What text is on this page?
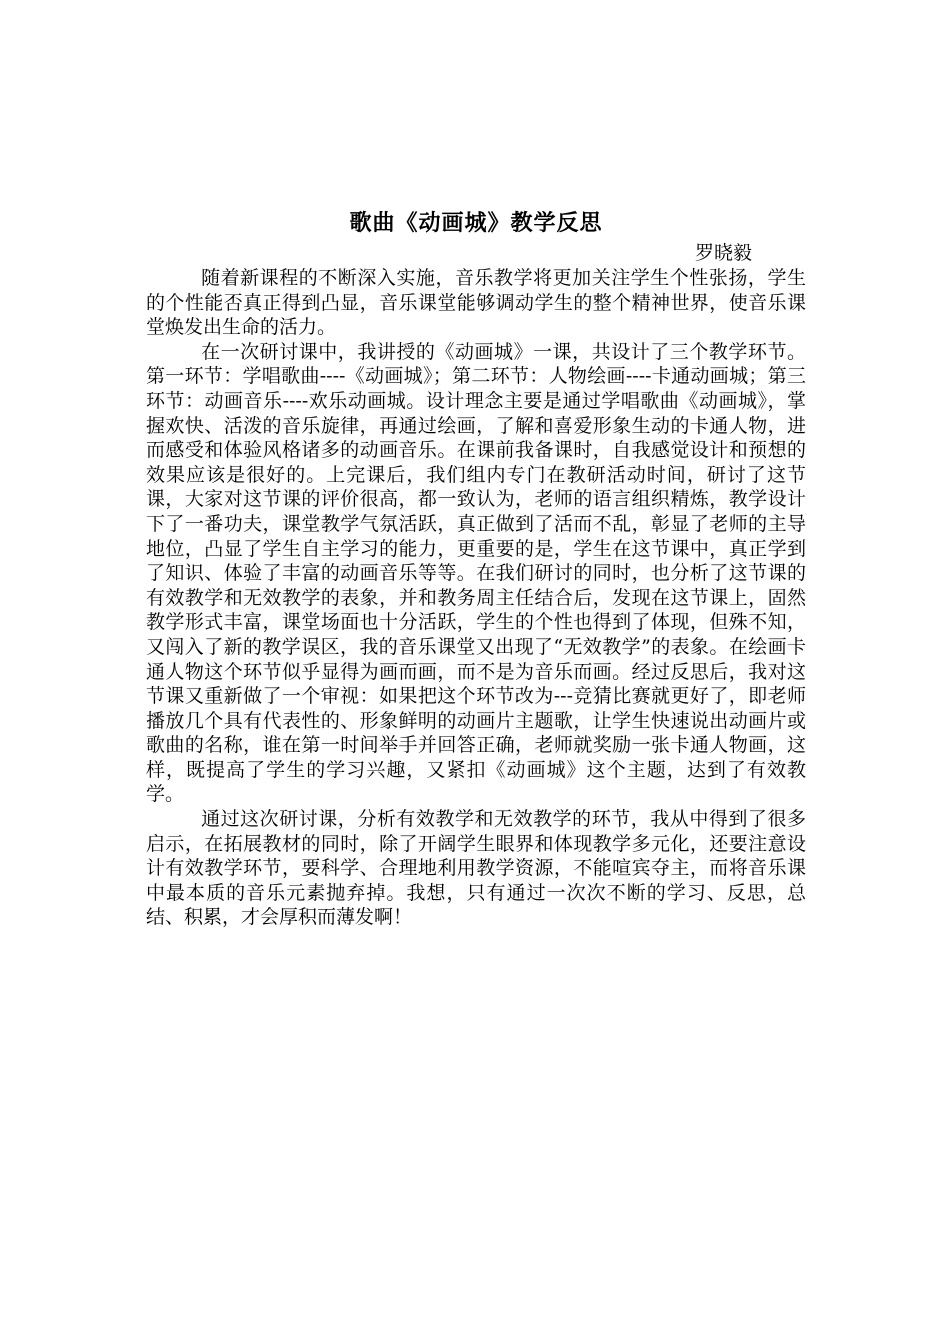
歌曲《动画城》教学反思

罗晓毅

随着新课程的不断深入实施，音乐教学将更加关注学生个性张扬，学生的个性能否真正得到凸显，音乐课堂能够调动学生的整个精神世界，使音乐课堂焕发出生命的活力。

在一次研讨课中，我讲授的《动画城》一课，共设计了三个教学环节。第一环节：学唱歌曲----《动画城》；第二环节：人物绘画----卡通动画城；第三环节：动画音乐----欢乐动画城。设计理念主要是通过学唱歌曲《动画城》，掌握欢快、活泼的音乐旋律，再通过绘画，了解和喜爱形象生动的卡通人物，进而感受和体验风格诸多的动画音乐。在课前我备课时，自我感觉设计和预想的效果应该是很好的。上完课后，我们组内专门在教研活动时间，研讨了这节课，大家对这节课的评价很高，都一致认为，老师的语言组织精炼，教学设计下了一番功夫，课堂教学气氛活跃，真正做到了活而不乱，彰显了老师的主导地位，凸显了学生自主学习的能力，更重要的是，学生在这节课中，真正学到了知识、体验了丰富的动画音乐等等。在我们研讨的同时，也分析了这节课的有效教学和无效教学的表象，并和教务周主任结合后，发现在这节课上，固然教学形式丰富，课堂场面也十分活跃，学生的个性也得到了体现，但殊不知，又闯入了新的教学误区，我的音乐课堂又出现了“无效教学”的表象。在绘画卡通人物这个环节似乎显得为画而画，而不是为音乐而画。经过反思后，我对这节课又重新做了一个审视：如果把这个环节改为---竞猜比赛就更好了，即老师播放几个具有代表性的、形象鲜明的动画片主题歌，让学生快速说出动画片或歌曲的名称，谁在第一时间举手并回答正确，老师就奖励一张卡通人物画，这样，既提高了学生的学习兴趣，又紧扣《动画城》这个主题，达到了有效教学。

通过这次研讨课，分析有效教学和无效教学的环节，我从中得到了很多启示，在拓展教材的同时，除了开阔学生眼界和体现教学多元化，还要注意设计有效教学环节，要科学、合理地利用教学资源，不能喧宾夺主，而将音乐课中最本质的音乐元素抛弃掉。我想，只有通过一次次不断的学习、反思，总结、积累，才会厚积而薄发啊！
